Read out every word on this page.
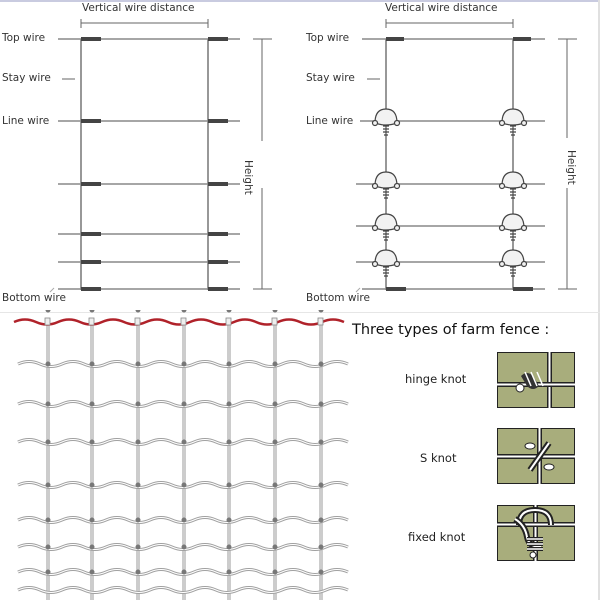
Vertical wire distance
Top wire
Stay wire
Line wire
Bottom wire
Height
Vertical wire distance
Top wire
Stay wire
Line wire
Bottom wire
Height
Three types of farm fence :
hinge knot
S knot
fixed knot
